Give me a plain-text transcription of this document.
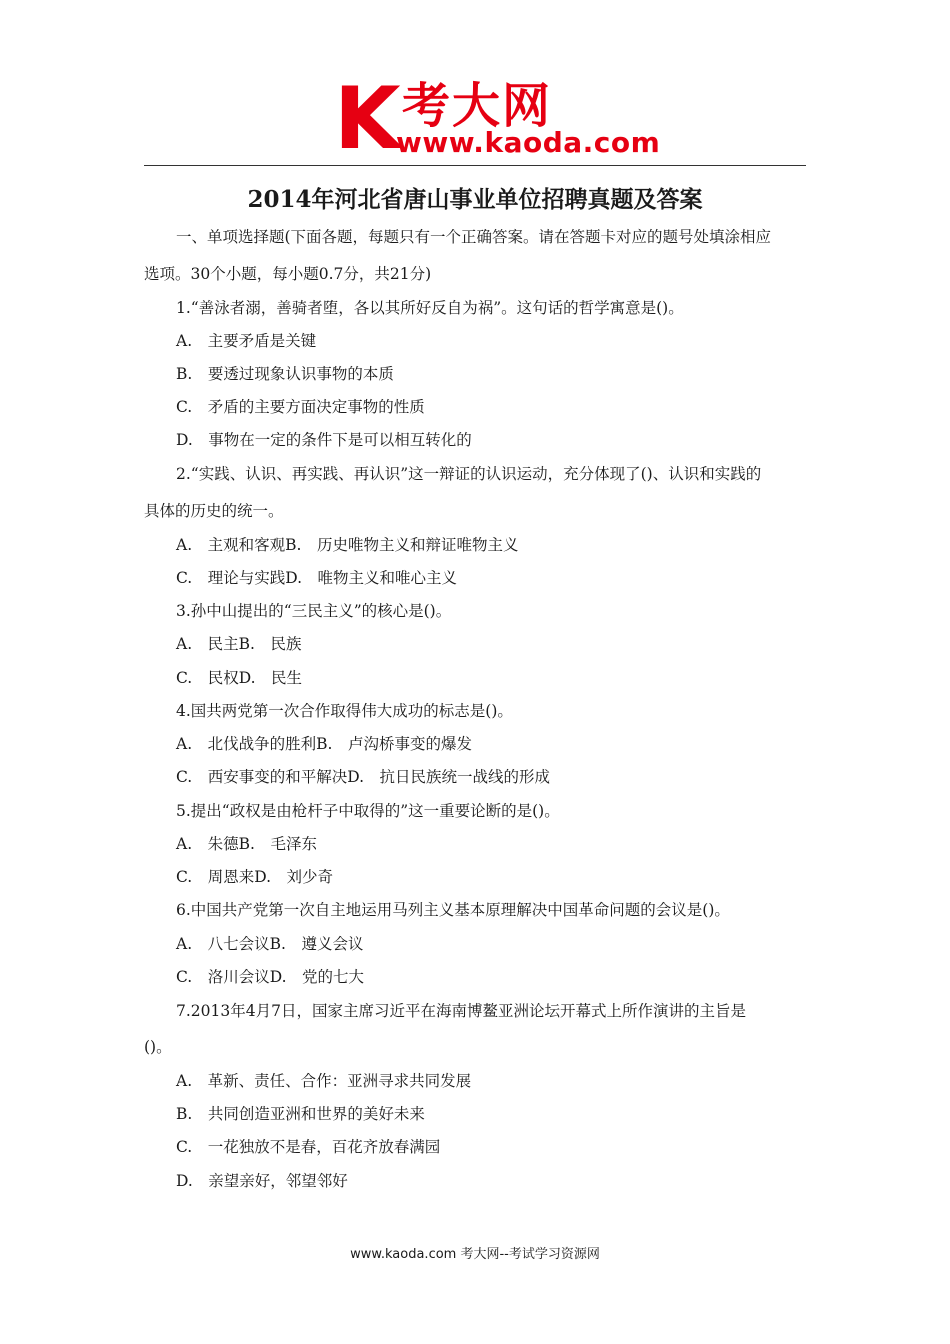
K 考大网
www.kaoda.com
2014年河北省唐山事业单位招聘真题及答案

一、单项选择题(下面各题，每题只有一个正确答案。请在答题卡对应的题号处填涂相应

选项。30个小题，每小题0.7分，共21分)

1.“善泳者溺，善骑者堕，各以其所好反自为祸”。这句话的哲学寓意是()。

A.　主要矛盾是关键

B.　要透过现象认识事物的本质

C.　矛盾的主要方面决定事物的性质

D.　事物在一定的条件下是可以相互转化的

2.“实践、认识、再实践、再认识”这一辩证的认识运动，充分体现了()、认识和实践的

具体的历史的统一。

A.　主观和客观B.　历史唯物主义和辩证唯物主义

C.　理论与实践D.　唯物主义和唯心主义

3.孙中山提出的“三民主义”的核心是()。

A.　民主B.　民族

C.　民权D.　民生

4.国共两党第一次合作取得伟大成功的标志是()。

A.　北伐战争的胜利B.　卢沟桥事变的爆发

C.　西安事变的和平解决D.　抗日民族统一战线的形成

5.提出“政权是由枪杆子中取得的”这一重要论断的是()。

A.　朱德B.　毛泽东

C.　周恩来D.　刘少奇

6.中国共产党第一次自主地运用马列主义基本原理解决中国革命问题的会议是()。

A.　八七会议B.　遵义会议

C.　洛川会议D.　党的七大

7.2013年4月7日，国家主席习近平在海南博鳌亚洲论坛开幕式上所作演讲的主旨是

()。

A.　革新、责任、合作：亚洲寻求共同发展

B.　共同创造亚洲和世界的美好未来

C.　一花独放不是春，百花齐放春满园

D.　亲望亲好，邻望邻好

www.kaoda.com 考大网--考试学习资源网
